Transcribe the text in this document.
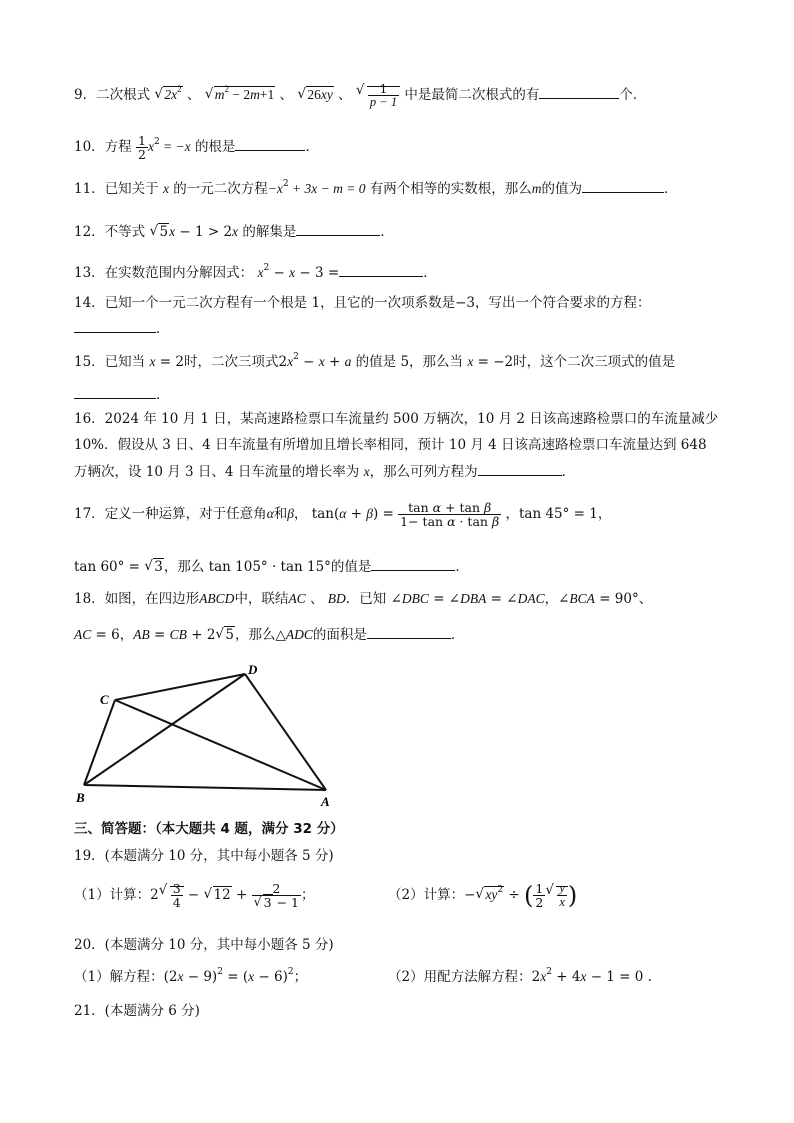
9．二次根式 √ $2x^2$ 、 √ $m^2 - 2m+1$ 、 √ 26xy 、 √ $\frac{1}{p - 1}$ 中是最简二次根式的有	个．
10．方程 $\frac{1}{2} x^2 = -x$ 的根是	．
11．已知关于 x 的一元二次方程$-x^2 + 3x - m = 0$ 有两个相等的实数根，那么m的值为	．
12．不等式 √ 5x − 1 > 2x 的解集是	．
13．在实数范围内分解因式： $x^2 - x - 3$ =	．
14．已知一个一元二次方程有一个根是 1，且它的一次项系数是−3，写出一个符合要求的方程：
．
15．已知当 x = 2时，二次三项式$2x^2 - x + a$ 的值是 5，那么当 x = −2时，这个二次三项式的值是
．
16．2024 年 10 月 1 日，某高速路检票口车流量约 500 万辆次，10 月 2 日该高速路检票口的车流量减少
10%．假设从 3 日、4 日车流量有所增加且增长率相同，预计 10 月 4 日该高速路检票口车流量达到 648
万辆次，设 10 月 3 日、4 日车流量的增长率为 x，那么可列方程为	．
17．定义一种运算，对于任意角α和β， $\tan(\alpha + \beta) = \frac{\text{tan α + tan β}}{\text{1− tan α · tan β}}$ ，tan 45° = 1，
tan 60° = √ 3，那么 tan 105° · tan 15°的值是	．
18．如图，在四边形ABCD中，联结AC 、 BD．已知 ∠DBC = ∠DBA = ∠DAC，∠BCA = 90°、
AC = 6，AB = CB + 2 √ 5，那么△ADC的面积是	．
C
D
B	A
三、简答题：（本大题共 4 题，满分 32 分）
19．(本题满分 10 分，其中每小题各 5 分)
（1）计算：2 √ $\frac{3}{4}$ − √ 12 + 2
√ 3 − 1 ；	（2）计算：− √ $xy^2$ ÷ ( $\frac{1}{2}$ √ $\frac{y}{x}$ )
20．(本题满分 10 分，其中每小题各 5 分)
（1）解方程：$(2x - 9)^2 = (x - 6)^2$；	（2）用配方法解方程：$2x^2 + 4x - 1 = 0$ .
21．(本题满分 6 分)
